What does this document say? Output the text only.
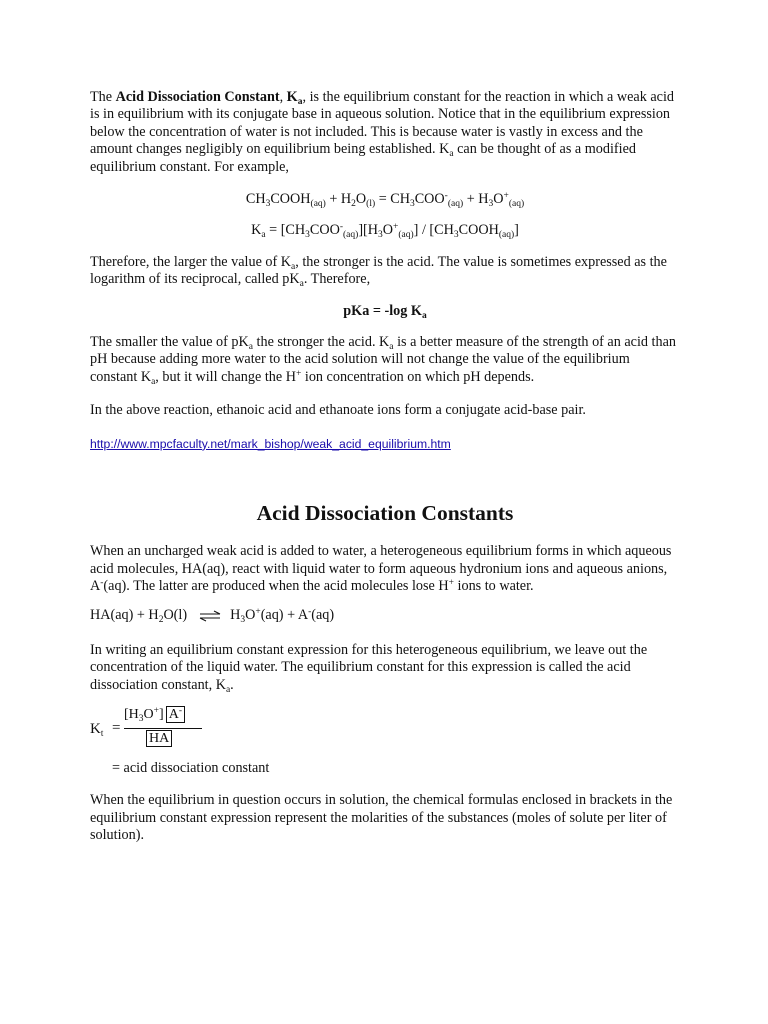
The Acid Dissociation Constant, $K_a$, is the equilibrium constant for the reaction in which a weak acid is in equilibrium with its conjugate base in aqueous solution. Notice that in the equilibrium expression below the concentration of water is not included. This is because water is vastly in excess and the amount changes negligibly on equilibrium being established. $K_a$ can be thought of as a modified equilibrium constant. For example,

$CH_3COOH_{(aq)} + H_2O_{(l)} = CH_3COO^-_{(aq)} + H_3O^+_{(aq)}$

$K_a = [CH_3COO^-_{(aq)}][H_3O^+_{(aq)}]$ / $[CH_3COOH_{(aq)}]$

Therefore, the larger the value of $K_a$, the stronger is the acid. The value is sometimes expressed as the logarithm of its reciprocal, called $pK_a$. Therefore,

pKa = -log $K_a$

The smaller the value of $pK_a$ the stronger the acid. $K_a$ is a better measure of the strength of an acid than pH because adding more water to the acid solution will not change the value of the equilibrium constant $K_a$, but it will change the H+ ion concentration on which pH depends.

In the above reaction, ethanoic acid and ethanoate ions form a conjugate acid-base pair.

http://www.mpcfaculty.net/mark_bishop/weak_acid_equilibrium.htm
Acid Dissociation Constants

When an uncharged weak acid is added to water, a heterogeneous equilibrium forms in which aqueous acid molecules, HA(aq), react with liquid water to form aqueous hydronium ions and aqueous anions, A-(aq). The latter are produced when the acid molecules lose H+ ions to water.

$HA(aq) + H_2O(l)$ ⇌ $H_3O^+(aq) + A^-(aq)$

In writing an equilibrium constant expression for this heterogeneous equilibrium, we leave out the concentration of the liquid water. The equilibrium constant for this expression is called the acid dissociation constant, $K_a$.

$K_t$ =
$[H_3O^+]$ A-
HA

= acid dissociation constant

When the equilibrium in question occurs in solution, the chemical formulas enclosed in brackets in the equilibrium constant expression represent the molarities of the substances (moles of solute per liter of solution).
